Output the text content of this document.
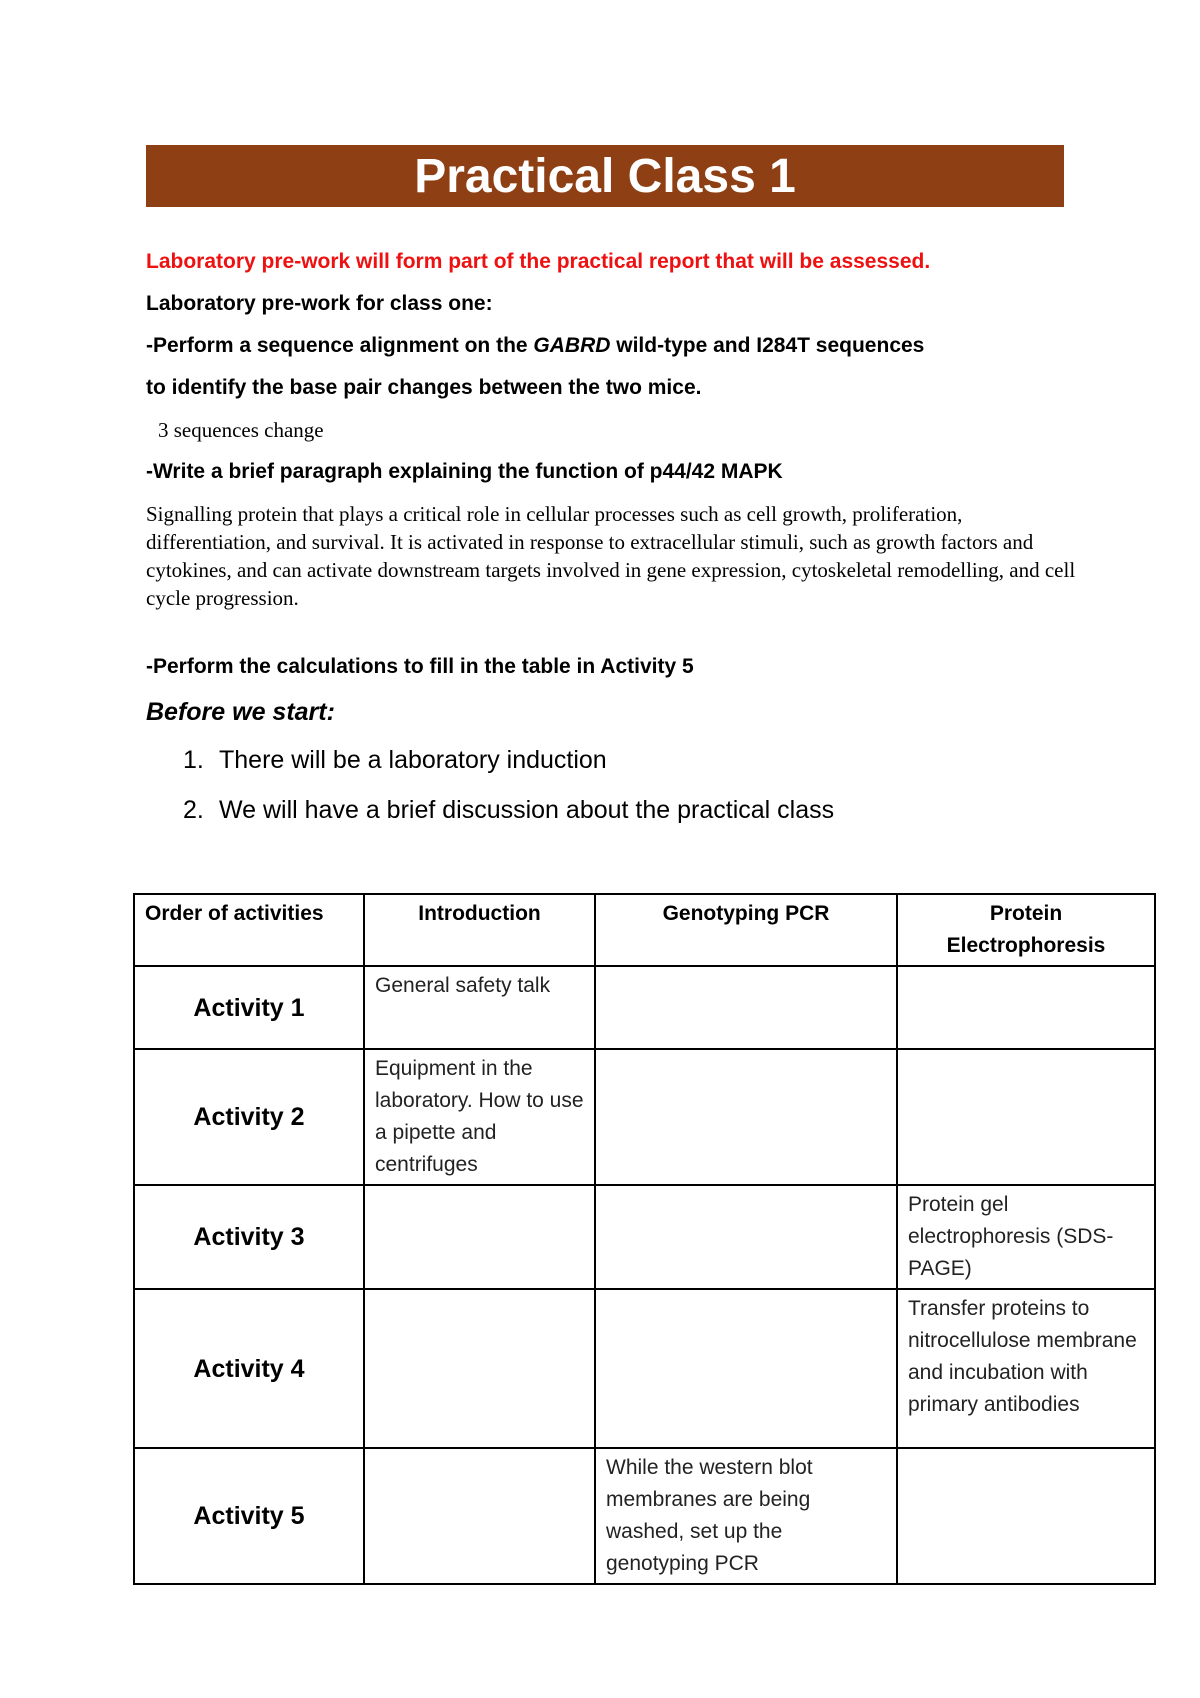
Practical Class 1
Laboratory pre-work will form part of the practical report that will be assessed.
Laboratory pre-work for class one:
-Perform a sequence alignment on the GABRD wild-type and I284T sequences
to identify the base pair changes between the two mice.
3 sequences change
-Write a brief paragraph explaining the function of p44/42 MAPK
Signalling protein that plays a critical role in cellular processes such as cell growth, proliferation, differentiation, and survival. It is activated in response to extracellular stimuli, such as growth factors and cytokines, and can activate downstream targets involved in gene expression, cytoskeletal remodelling, and cell cycle progression.
-Perform the calculations to fill in the table in Activity 5
Before we start:
1. There will be a laboratory induction
2. We will have a brief discussion about the practical class
Order of activities	Introduction	Genotyping PCR	Protein Electrophoresis
Activity 1	General safety talk		
Activity 2	Equipment in the laboratory. How to use a pipette and centrifuges		
Activity 3			Protein gel electrophoresis (SDS-PAGE)
Activity 4			Transfer proteins to nitrocellulose membrane and incubation with primary antibodies
Activity 5		While the western blot membranes are being washed, set up the genotyping PCR	
